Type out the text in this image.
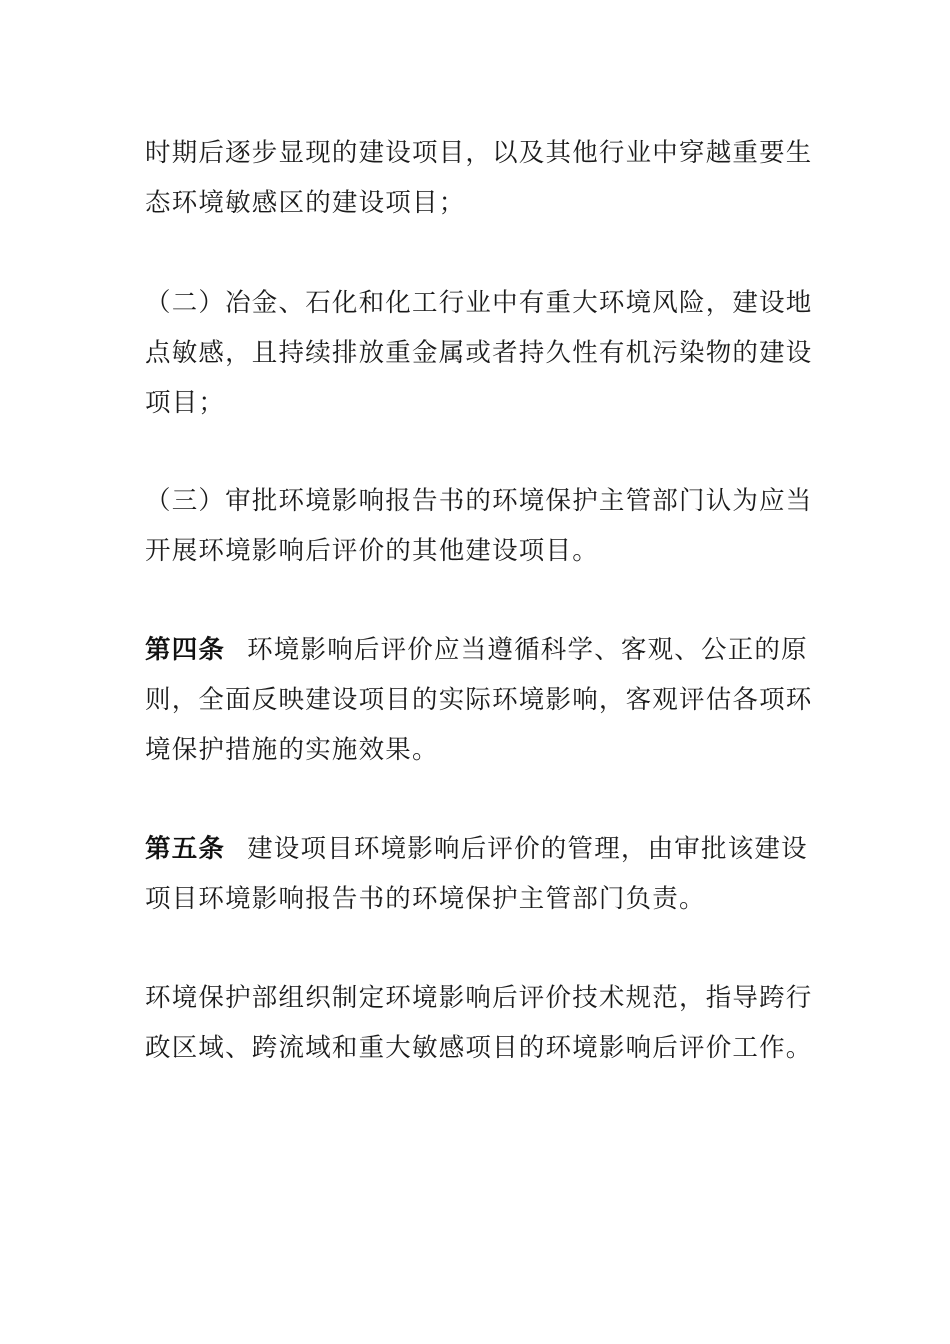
时期后逐步显现的建设项目，以及其他行业中穿越重要生
态环境敏感区的建设项目；
（二）冶金、石化和化工行业中有重大环境风险，建设地
点敏感，且持续排放重金属或者持久性有机污染物的建设
项目；
（三）审批环境影响报告书的环境保护主管部门认为应当
开展环境影响后评价的其他建设项目。
第四条 环境影响后评价应当遵循科学、客观、公正的原
则，全面反映建设项目的实际环境影响，客观评估各项环
境保护措施的实施效果。
第五条 建设项目环境影响后评价的管理，由审批该建设
项目环境影响报告书的环境保护主管部门负责。
环境保护部组织制定环境影响后评价技术规范，指导跨行
政区域、跨流域和重大敏感项目的环境影响后评价工作。
